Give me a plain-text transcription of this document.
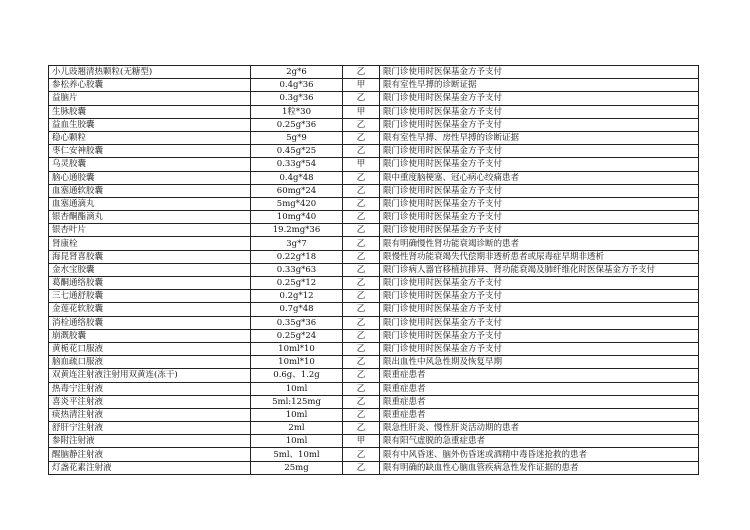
小儿豉翘清热颗粒(无糖型)	2g*6	乙	限门诊使用时医保基金方予支付
参松养心胶囊	0.4g*36	甲	限有室性早搏的诊断证据
益脑片	0.3g*36	乙	限门诊使用时医保基金方予支付
生脉胶囊	1粒*30	甲	限门诊使用时医保基金方予支付
益血生胶囊	0.25g*36	乙	限门诊使用时医保基金方予支付
稳心颗粒	5g*9	乙	限有室性早搏、房性早搏的诊断证据
枣仁安神胶囊	0.45g*25	乙	限门诊使用时医保基金方予支付
乌灵胶囊	0.33g*54	甲	限门诊使用时医保基金方予支付
脑心通胶囊	0.4g*48	乙	限中重度脑梗塞、冠心病心绞痛患者
血塞通软胶囊	60mg*24	乙	限门诊使用时医保基金方予支付
血塞通滴丸	5mg*420	乙	限门诊使用时医保基金方予支付
银杏酮酯滴丸	10mg*40	乙	限门诊使用时医保基金方予支付
银杏叶片	19.2mg*36	乙	限门诊使用时医保基金方予支付
肾康栓	3g*7	乙	限有明确慢性肾功能衰竭诊断的患者
海昆肾喜胶囊	0.22g*18	乙	限慢性肾功能衰竭失代偿期非透析患者或尿毒症早期非透析
金水宝胶囊	0.33g*63	乙	限门诊病人器官移植抗排异、肾功能衰竭及肺纤维化时医保基金方予支付
葛酮通络胶囊	0.25g*12	乙	限门诊使用时医保基金方予支付
三七通舒胶囊	0.2g*12	乙	限门诊使用时医保基金方予支付
金莲花软胶囊	0.7g*48	乙	限门诊使用时医保基金方予支付
消栓通络胶囊	0.35g*36	乙	限门诊使用时医保基金方予支付
崩溉胶囊	0.25g*24	乙	限门诊使用时医保基金方予支付
黄栀花口服液	10ml*10	乙	限门诊使用时医保基金方予支付
脑血疏口服液	10ml*10	乙	限出血性中风急性期及恢复早期
双黄连注射液注射用双黄连(冻干)	0.6g、1.2g	乙	限重症患者
热毒宁注射液	10ml	乙	限重症患者
喜炎平注射液	5ml:125mg	乙	限重症患者
痰热清注射液	10ml	乙	限重症患者
舒肝宁注射液	2ml	乙	限急性肝炎、慢性肝炎活动期的患者
参附注射液	10ml	甲	限有阳气虚脱的急重症患者
醒脑静注射液	5ml、10ml	乙	限有中风昏迷、脑外伤昏迷或酒精中毒昏迷抢救的患者
灯盏花素注射液	25mg	乙	限有明确的缺血性心脑血管疾病急性发作证据的患者
